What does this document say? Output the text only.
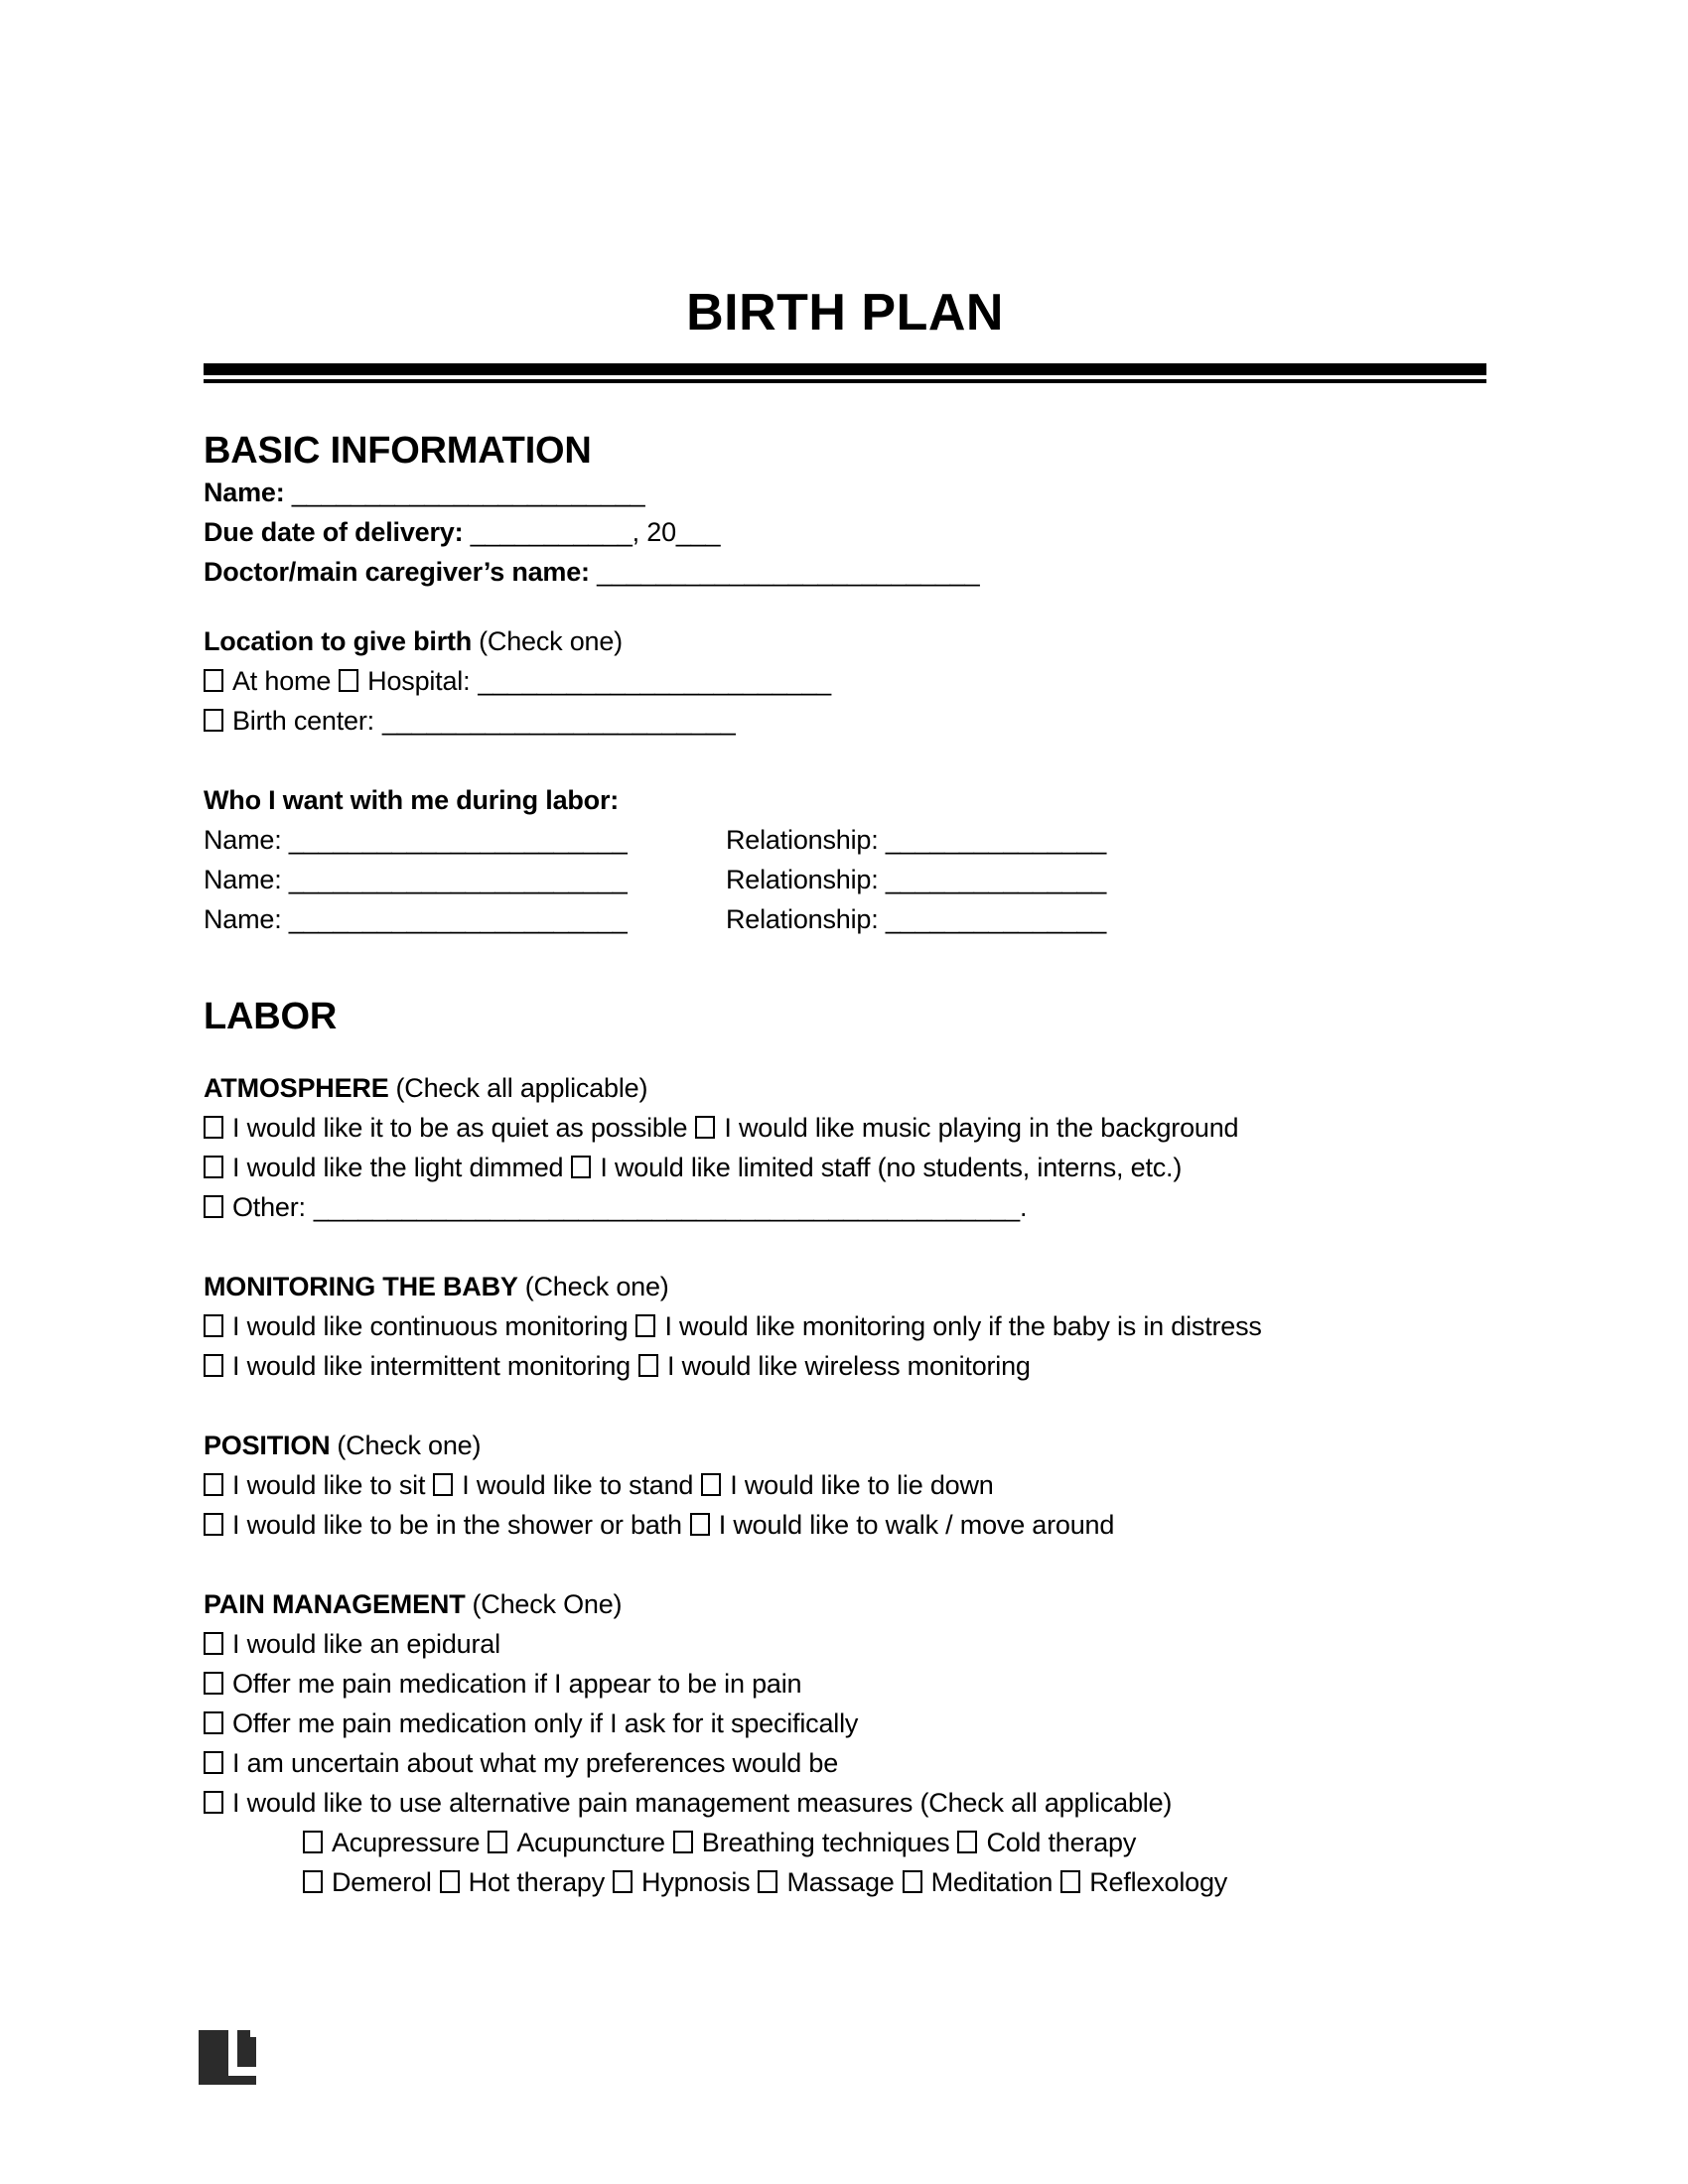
BIRTH PLAN
BASIC INFORMATION

Name: ________________________

Due date of delivery: ___________, 20___

Doctor/main caregiver’s name: __________________________

Location to give birth (Check one)

At home Hospital: ________________________

Birth center: ________________________

Who I want with me during labor:

Name: _______________________	Relationship: _______________
Name: _______________________	Relationship: _______________
Name: _______________________	Relationship: _______________
LABOR

ATMOSPHERE (Check all applicable)

I would like it to be as quiet as possible I would like music playing in the background

I would like the light dimmed I would like limited staff (no students, interns, etc.)

Other: ________________________________________________.

MONITORING THE BABY (Check one)

I would like continuous monitoring I would like monitoring only if the baby is in distress

I would like intermittent monitoring I would like wireless monitoring

POSITION (Check one)

I would like to sit I would like to stand I would like to lie down

I would like to be in the shower or bath I would like to walk / move around

PAIN MANAGEMENT (Check One)

I would like an epidural

Offer me pain medication if I appear to be in pain

Offer me pain medication only if I ask for it specifically

I am uncertain about what my preferences would be

I would like to use alternative pain management measures (Check all applicable)

Acupressure Acupuncture Breathing techniques Cold therapy

Demerol Hot therapy Hypnosis Massage Meditation Reflexology
